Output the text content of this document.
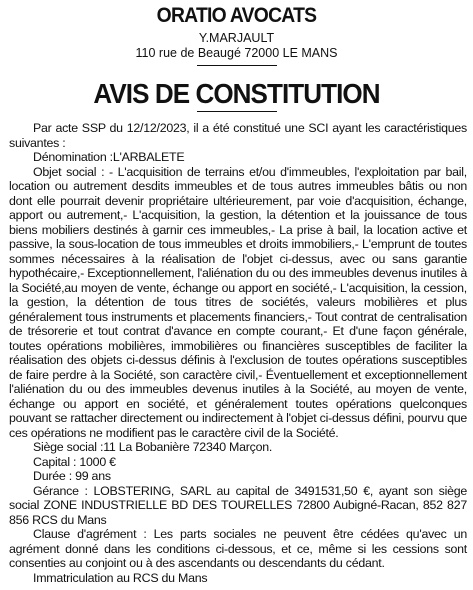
ORATIO AVOCATS
Y.MARJAULT
110 rue de Beaugé 72000 LE MANS
AVIS DE CONSTITUTION

Par acte SSP du 12/12/2023, il a été constitué une SCI ayant les caractéristiques suivantes :

Dénomination :L'ARBALETE

Objet social : - L'acquisition de terrains et/ou d'immeubles, l'exploitation par bail, location ou autrement desdits immeubles et de tous autres immeubles bâtis ou non dont elle pourrait devenir propriétaire ultérieurement, par voie d'acquisition, échange, apport ou autrement,- L'acquisition, la gestion, la détention et la jouissance de tous biens mobiliers destinés à garnir ces immeubles,- La prise à bail, la location active et passive, la sous-location de tous immeubles et droits immobiliers,- L'emprunt de toutes sommes nécessaires à la réalisation de l'objet ci-dessus, avec ou sans garantie hypothécaire,- Exceptionnellement, l'aliénation du ou des immeubles devenus inutiles à la Société,au moyen de vente, échange ou apport en société,- L'acquisition, la cession, la gestion, la détention de tous titres de sociétés, valeurs mobilières et plus généralement tous instruments et placements financiers,- Tout contrat de centralisation de trésorerie et tout contrat d'avance en compte courant,- Et d'une façon générale, toutes opérations mobilières, immobilières ou financières susceptibles de faciliter la réalisation des objets ci-dessus définis à l'exclusion de toutes opérations susceptibles de faire perdre à la Société, son caractère civil,- Éventuellement et exceptionnellement l'aliénation du ou des immeubles devenus inutiles à la Société, au moyen de vente, échange ou apport en société, et généralement toutes opérations quelconques pouvant se rattacher directement ou indirectement à l'objet ci-dessus défini, pourvu que ces opérations ne modifient pas le caractère civil de la Société.

Siège social :11 La Bobanière 72340 Marçon.

Capital : 1000 €

Durée : 99 ans

Gérance : LOBSTERING, SARL au capital de 3491531,50 €, ayant son siège social ZONE INDUSTRIELLE BD DES TOURELLES 72800 Aubigné-Racan, 852 827 856 RCS du Mans

Clause d'agrément : Les parts sociales ne peuvent être cédées qu'avec un agrément donné dans les conditions ci-dessous, et ce, même si les cessions sont consenties au conjoint ou à des ascendants ou descendants du cédant.

Immatriculation au RCS du Mans
